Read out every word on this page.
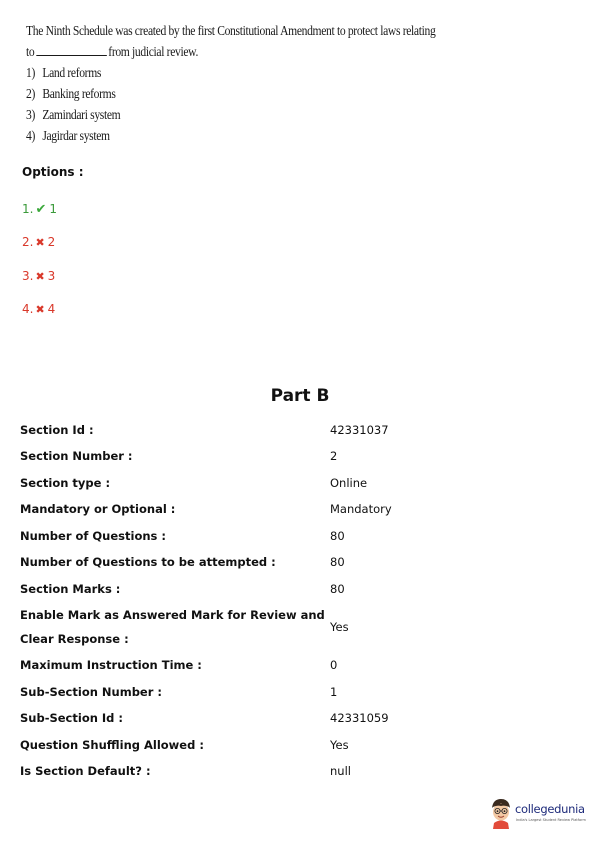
The Ninth Schedule was created by the first Constitutional Amendment to protect laws relating
to	from judicial review.
1) Land reforms
2) Banking reforms
3) Zamindari system
4) Jagirdar system
Options :
1. ✔ 1
2. ✖ 2
3. ✖ 3
4. ✖ 4
Part B
Section Id :	42331037
Section Number :	2
Section type :	Online
Mandatory or Optional :	Mandatory
Number of Questions :	80
Number of Questions to be attempted :	80
Section Marks :	80
Enable Mark as Answered Mark for Review and
Clear Response :
Yes
Maximum Instruction Time :	0
Sub-Section Number :	1
Sub-Section Id :	42331059
Question Shuffling Allowed :	Yes
Is Section Default? :	null
collegedunia
India's Largest Student Review Platform
